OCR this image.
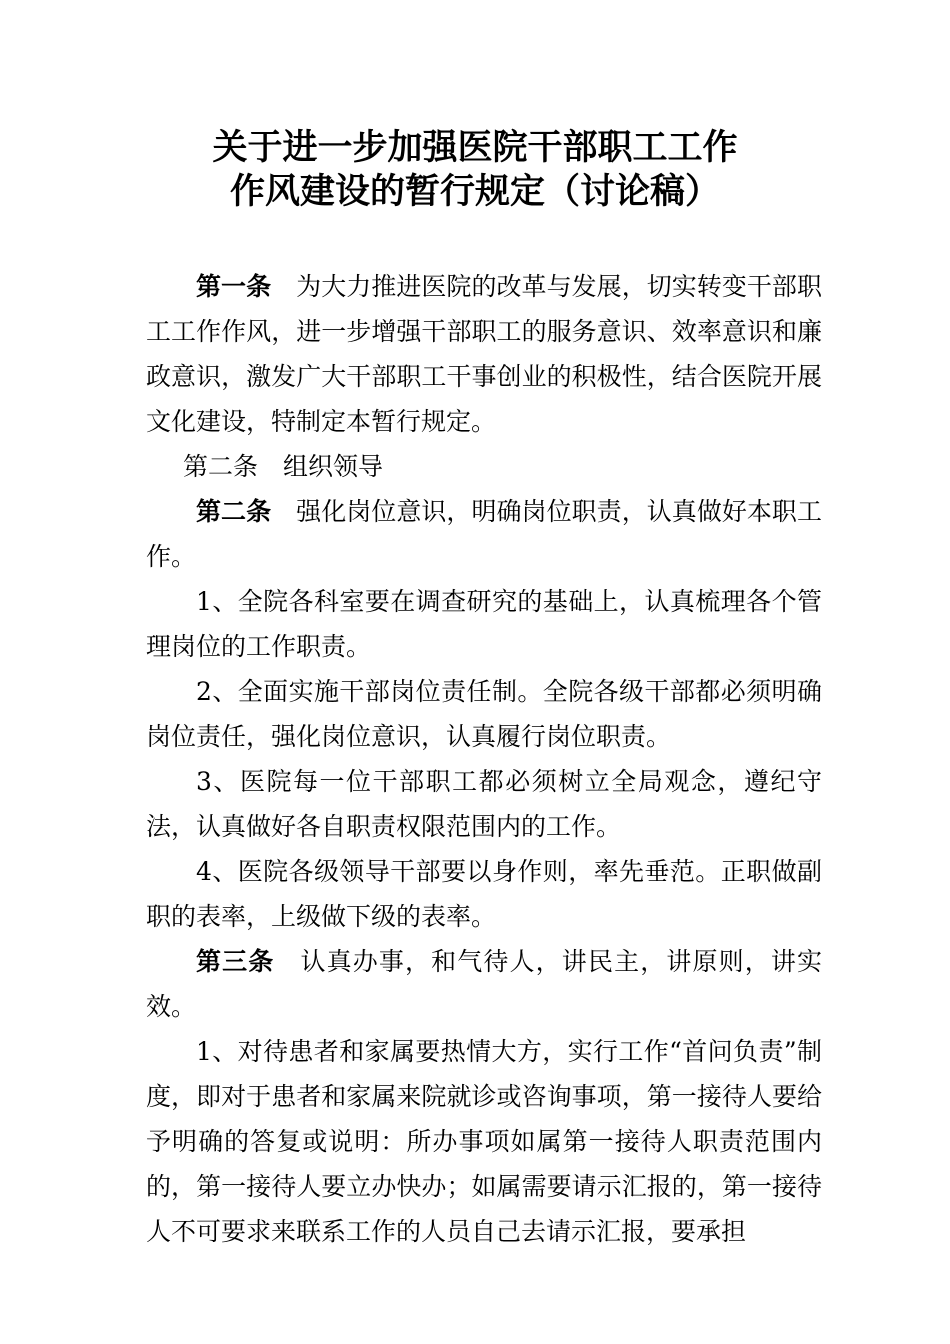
关于进一步加强医院干部职工工作
作风建设的暂行规定（讨论稿）

第一条 为大力推进医院的改革与发展，切实转变干部职工工作作风，进一步增强干部职工的服务意识、效率意识和廉政意识，激发广大干部职工干事创业的积极性，结合医院开展文化建设，特制定本暂行规定。

第二条　组织领导

第二条 强化岗位意识，明确岗位职责，认真做好本职工作。

1、全院各科室要在调查研究的基础上，认真梳理各个管理岗位的工作职责。

2、全面实施干部岗位责任制。全院各级干部都必须明确岗位责任，强化岗位意识，认真履行岗位职责。

3、医院每一位干部职工都必须树立全局观念，遵纪守法，认真做好各自职责权限范围内的工作。

4、医院各级领导干部要以身作则，率先垂范。正职做副职的表率，上级做下级的表率。

第三条 认真办事，和气待人，讲民主，讲原则，讲实效。

1、对待患者和家属要热情大方，实行工作“首问负责”制度，即对于患者和家属来院就诊或咨询事项，第一接待人要给予明确的答复或说明：所办事项如属第一接待人职责范围内的，第一接待人要立办快办；如属需要请示汇报的，第一接待人不可要求来联系工作的人员自己去请示汇报，要承担
